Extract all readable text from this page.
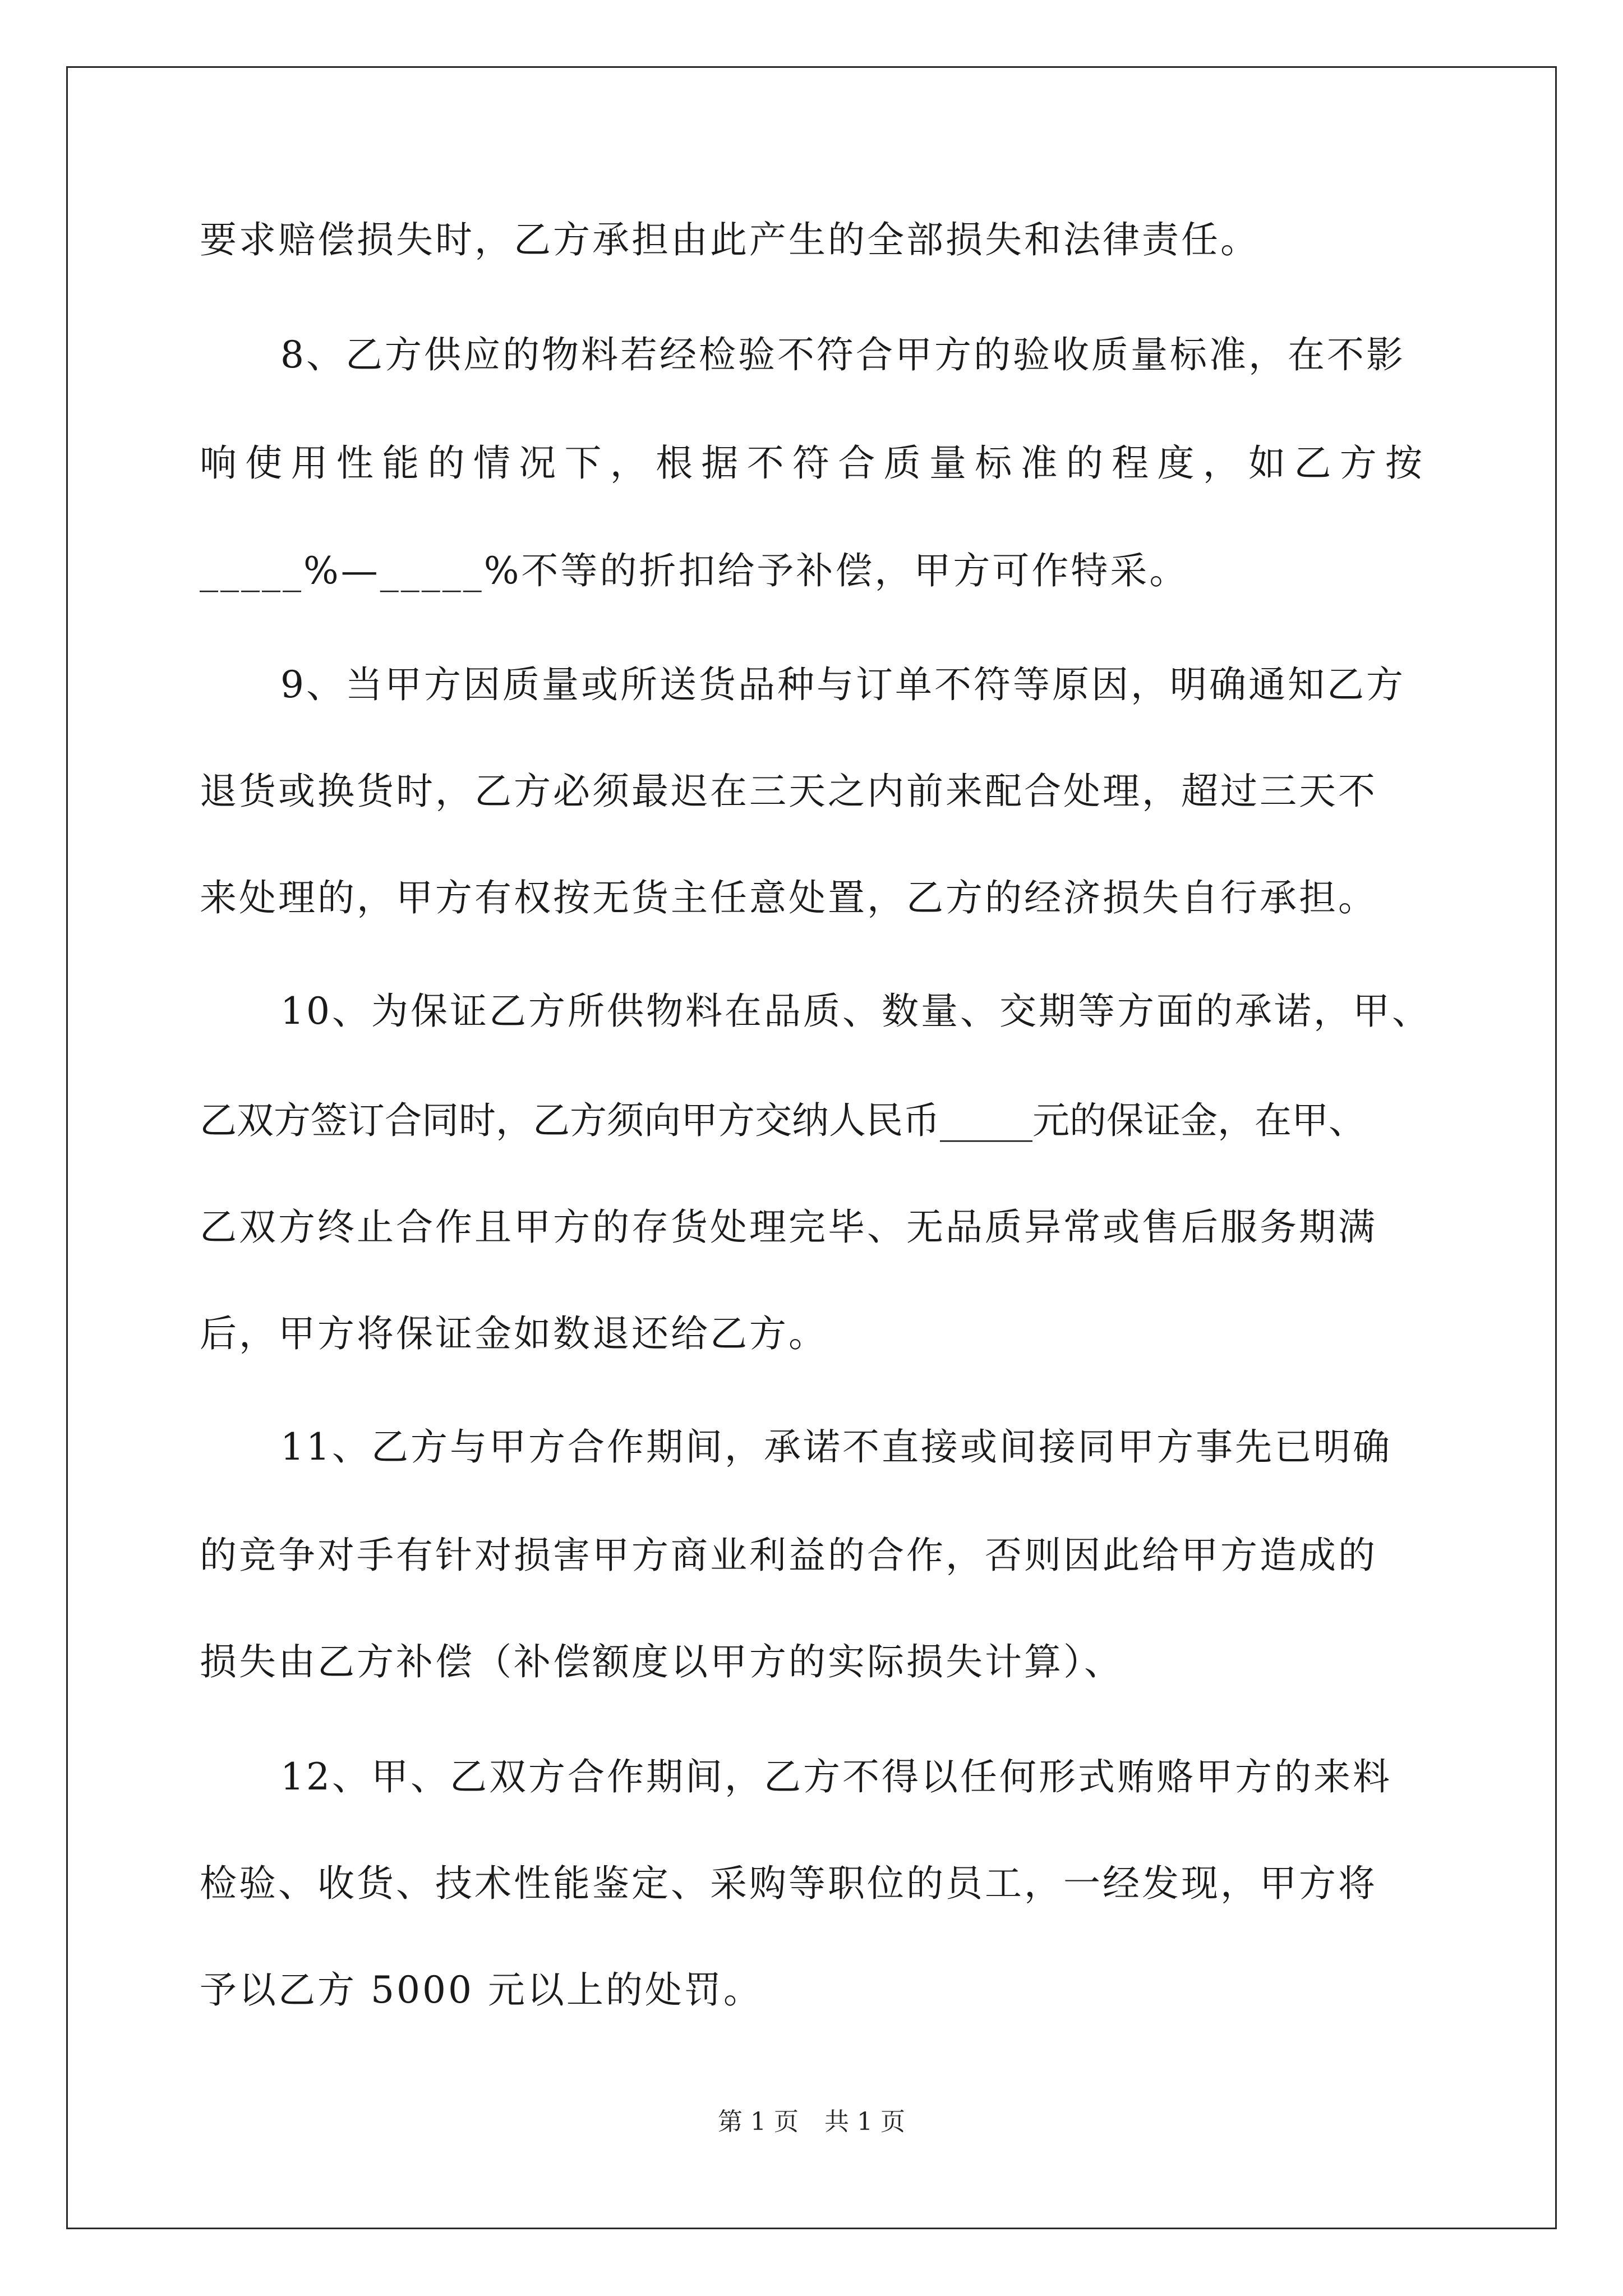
要求赔偿损失时，乙方承担由此产生的全部损失和法律责任。
8、乙方供应的物料若经检验不符合甲方的验收质量标准，在不影
响使用性能的情况下，根据不符合质量标准的程度，如乙方按
_____%—_____%不等的折扣给予补偿，甲方可作特采。
9、当甲方因质量或所送货品种与订单不符等原因，明确通知乙方
退货或换货时，乙方必须最迟在三天之内前来配合处理，超过三天不
来处理的，甲方有权按无货主任意处置，乙方的经济损失自行承担。
10、为保证乙方所供物料在品质、数量、交期等方面的承诺，甲、
乙双方签订合同时，乙方须向甲方交纳人民币_____元的保证金，在甲、
乙双方终止合作且甲方的存货处理完毕、无品质异常或售后服务期满
后，甲方将保证金如数退还给乙方。
11、乙方与甲方合作期间，承诺不直接或间接同甲方事先已明确
的竞争对手有针对损害甲方商业利益的合作，否则因此给甲方造成的
损失由乙方补偿（补偿额度以甲方的实际损失计算）、
12、甲、乙双方合作期间，乙方不得以任何形式贿赂甲方的来料
检验、收货、技术性能鉴定、采购等职位的员工，一经发现，甲方将
予以乙方 5000 元以上的处罚。
第 1 页 共 1 页
